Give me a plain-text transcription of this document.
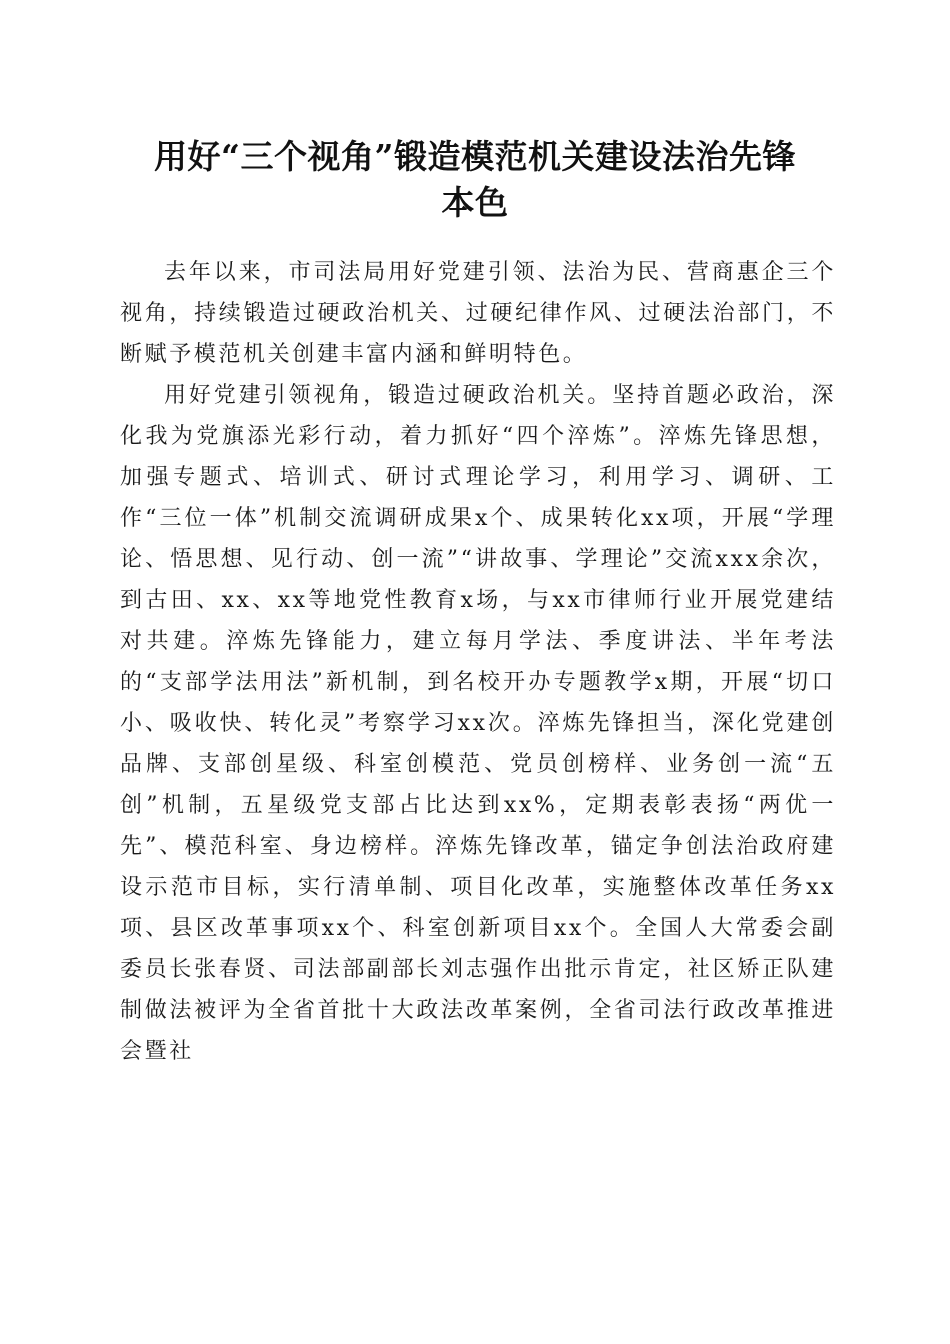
用好“三个视角”锻造模范机关建设法治先锋
本色

去年以来，市司法局用好党建引领、法治为民、营商惠企三个视角，持续锻造过硬政治机关、过硬纪律作风、过硬法治部门，不断赋予模范机关创建丰富内涵和鲜明特色。

用好党建引领视角，锻造过硬政治机关。坚持首题必政治，深化我为党旗添光彩行动，着力抓好“四个淬炼”。淬炼先锋思想，加强专题式、培训式、研讨式理论学习，利用学习、调研、工作“三位一体”机制交流调研成果x个、成果转化xx项，开展“学理论、悟思想、见行动、创一流”“讲故事、学理论”交流xxx余次，到古田、xx、xx等地党性教育x场，与xx市律师行业开展党建结对共建。淬炼先锋能力，建立每月学法、季度讲法、半年考法的“支部学法用法”新机制，到名校开办专题教学x期，开展“切口小、吸收快、转化灵”考察学习xx次。淬炼先锋担当，深化党建创品牌、支部创星级、科室创模范、党员创榜样、业务创一流“五创”机制，五星级党支部占比达到xx%，定期表彰表扬“两优一先”、模范科室、身边榜样。淬炼先锋改革，锚定争创法治政府建设示范市目标，实行清单制、项目化改革，实施整体改革任务xx项、县区改革事项xx个、科室创新项目xx个。全国人大常委会副委员长张春贤、司法部副部长刘志强作出批示肯定，社区矫正队建制做法被评为全省首批十大政法改革案例，全省司法行政改革推进会暨社
